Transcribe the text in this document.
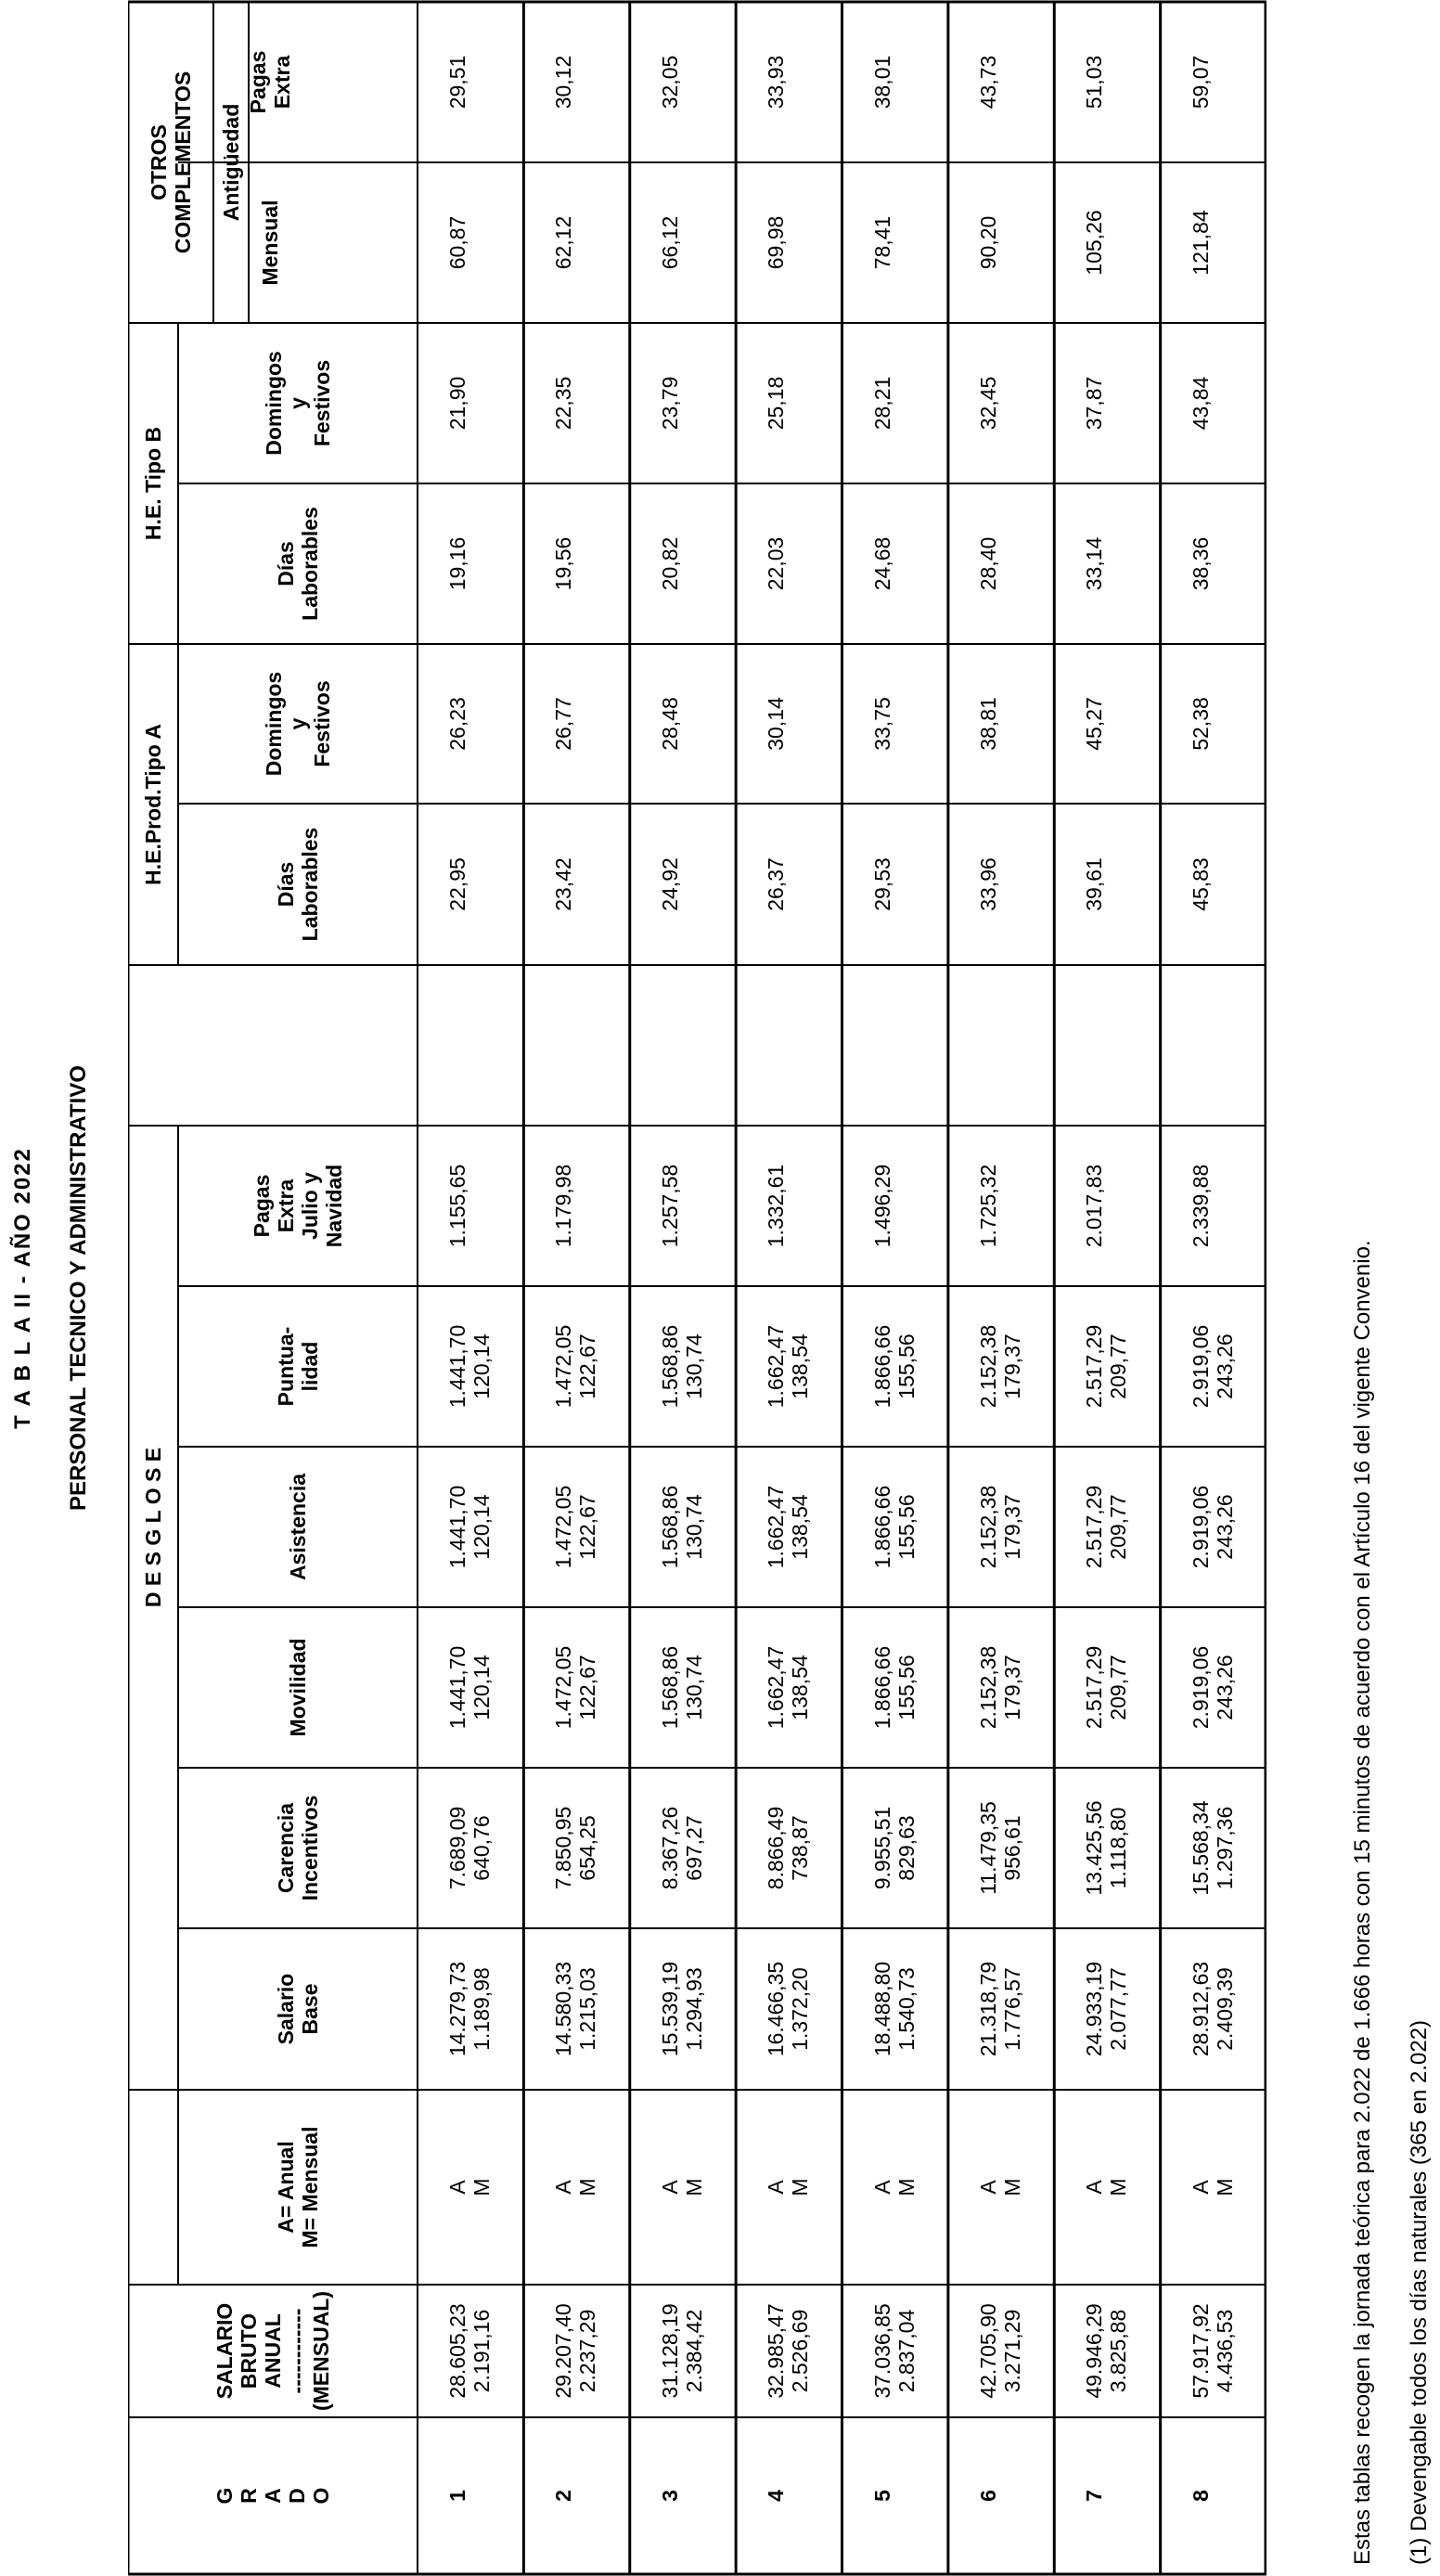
T A B L A II - AÑO 2022 PERSONAL TECNICO Y ADMINISTRATIVO
G R A D O
SALARIO BRUTO ANUAL ------------ (MENSUAL)
A= Anual M= Mensual
D E S G L O S E
Salario Base
Carencia Incentivos
Movilidad
Asistencia
Puntua- lidad
Pagas Extra Julio y Navidad
H.E.Prod.Tipo A
H.E. Tipo B
Días Laborables
Domingos y Festivos
Días Laborables
Domingos y Festivos
OTROS COMPLEMENTOS Antigüedad
Mensual
Pagas Extra
1
28.605,23 2.191,16
A M
14.279,73 1.189,98
7.689,09 640,76
1.441,70 120,14
1.441,70 120,14
1.441,70 120,14
1.155,65
22,95
26,23
19,16
21,90
60,87
29,51
2
29.207,40 2.237,29
A M
14.580,33 1.215,03
7.850,95 654,25
1.472,05 122,67
1.472,05 122,67
1.472,05 122,67
1.179,98
23,42
26,77
19,56
22,35
62,12
30,12
3
31.128,19 2.384,42
A M
15.539,19 1.294,93
8.367,26 697,27
1.568,86 130,74
1.568,86 130,74
1.568,86 130,74
1.257,58
24,92
28,48
20,82
23,79
66,12
32,05
4
32.985,47 2.526,69
A M
16.466,35 1.372,20
8.866,49 738,87
1.662,47 138,54
1.662,47 138,54
1.662,47 138,54
1.332,61
26,37
30,14
22,03
25,18
69,98
33,93
5
37.036,85 2.837,04
A M
18.488,80 1.540,73
9.955,51 829,63
1.866,66 155,56
1.866,66 155,56
1.866,66 155,56
1.496,29
29,53
33,75
24,68
28,21
78,41
38,01
6
42.705,90 3.271,29
A M
21.318,79 1.776,57
11.479,35 956,61
2.152,38 179,37
2.152,38 179,37
2.152,38 179,37
1.725,32
33,96
38,81
28,40
32,45
90,20
43,73
7
49.946,29 3.825,88
A M
24.933,19 2.077,77
13.425,56 1.118,80
2.517,29 209,77
2.517,29 209,77
2.517,29 209,77
2.017,83
39,61
45,27
33,14
37,87
105,26
51,03
8
57.917,92 4.436,53
A M
28.912,63 2.409,39
15.568,34 1.297,36
2.919,06 243,26
2.919,06 243,26
2.919,06 243,26
2.339,88
45,83
52,38
38,36
43,84
121,84
59,07
Estas tablas recogen la jornada teórica para 2.022 de 1.666 horas con 15 minutos de acuerdo con el Artículo 16 del vigente Convenio. (1) Devengable todos los días naturales (365 en 2.022)
